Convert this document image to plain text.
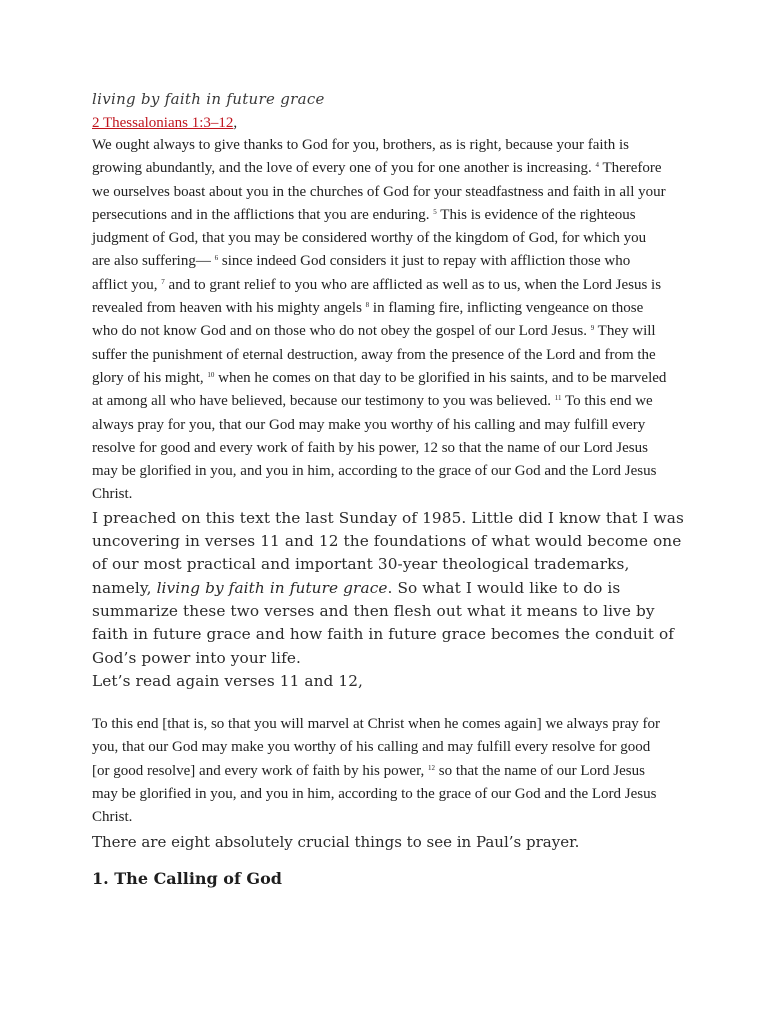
living by faith in future grace
2 Thessalonians 1:3–12,

We ought always to give thanks to God for you, brothers, as is right, because your faith is growing abundantly, and the love of every one of you for one another is increasing. $^4$ Therefore we ourselves boast about you in the churches of God for your steadfastness and faith in all your persecutions and in the afflictions that you are enduring. $^5$ This is evidence of the righteous judgment of God, that you may be considered worthy of the kingdom of God, for which you are also suffering— $^6$ since indeed God considers it just to repay with affliction those who afflict you, $^7$ and to grant relief to you who are afflicted as well as to us, when the Lord Jesus is revealed from heaven with his mighty angels $^8$ in flaming fire, inflicting vengeance on those who do not know God and on those who do not obey the gospel of our Lord Jesus. $^9$ They will suffer the punishment of eternal destruction, away from the presence of the Lord and from the glory of his might, $^{10}$ when he comes on that day to be glorified in his saints, and to be marveled at among all who have believed, because our testimony to you was believed. $^{11}$ To this end we always pray for you, that our God may make you worthy of his calling and may fulfill every resolve for good and every work of faith by his power, 12 so that the name of our Lord Jesus may be glorified in you, and you in him, according to the grace of our God and the Lord Jesus Christ.

I preached on this text the last Sunday of 1985. Little did I know that I was uncovering in verses 11 and 12 the foundations of what would become one of our most practical and important 30-year theological trademarks, namely, living by faith in future grace. So what I would like to do is summarize these two verses and then flesh out what it means to live by faith in future grace and how faith in future grace becomes the conduit of God’s power into your life.

Let’s read again verses 11 and 12,

To this end [that is, so that you will marvel at Christ when he comes again] we always pray for you, that our God may make you worthy of his calling and may fulfill every resolve for good [or good resolve] and every work of faith by his power, $^{12}$ so that the name of our Lord Jesus may be glorified in you, and you in him, according to the grace of our God and the Lord Jesus Christ.

There are eight absolutely crucial things to see in Paul’s prayer.

1. The Calling of God
